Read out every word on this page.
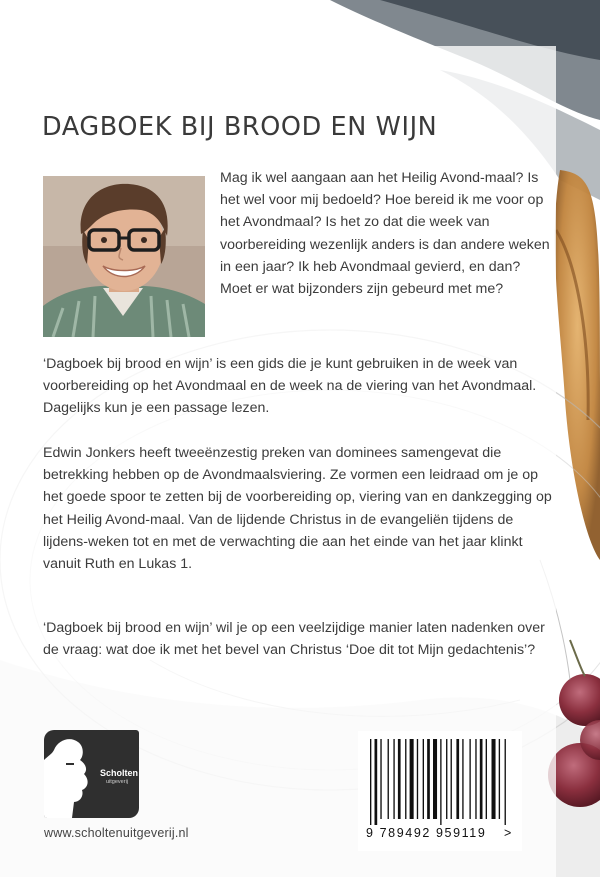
DAGBOEK BIJ BROOD EN WIJN
Mag ik wel aangaan aan het Heilig Avond-maal? Is het wel voor mij bedoeld? Hoe bereid ik me voor op het Avondmaal? Is het zo dat die week van voorbereiding wezenlijk anders is dan andere weken in een jaar? Ik heb Avondmaal gevierd, en dan? Moet er wat bijzonders zijn gebeurd met me?

‘Dagboek bij brood en wijn’ is een gids die je kunt gebruiken in de week van voorbereiding op het Avondmaal en de week na de viering van het Avondmaal. Dagelijks kun je een passage lezen.

Edwin Jonkers heeft tweeënzestig preken van dominees samengevat die betrekking hebben op de Avondmaalsviering. Ze vormen een leidraad om je op het goede spoor te zetten bij de voorbereiding op, viering van en dankzegging op het Heilig Avond-maal. Van de lijdende Christus in de evangeliën tijdens de lijdens-weken tot en met de verwachting die aan het einde van het jaar klinkt vanuit Ruth en Lukas 1.

‘Dagboek bij brood en wijn’ wil je op een veelzijdige manier laten nadenken over de vraag: wat doe ik met het bevel van Christus ‘Doe dit tot Mijn gedachtenis’?

Scholten
uitgeverij
www.scholtenuitgeverij.nl	9 789492 959119 >
